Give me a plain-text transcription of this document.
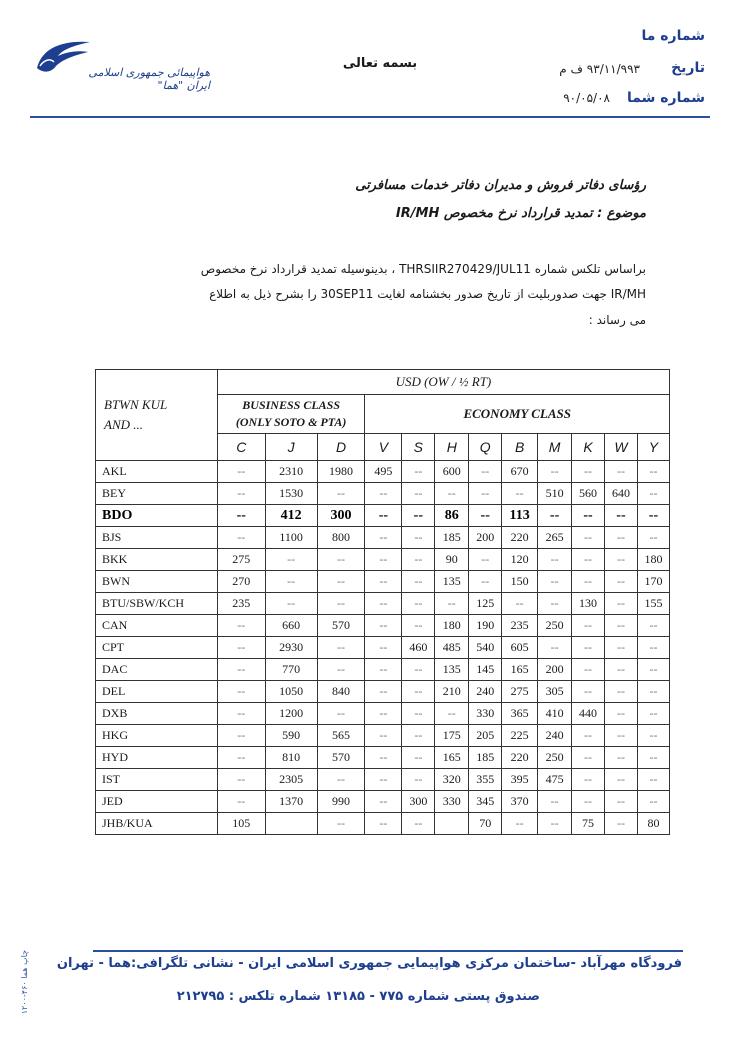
هواپیمائی جمهوری اسلامی ایران "هما"
بسمه تعالی
شماره ما
تاریخ
۹۳/۱۱/۹۹۳ ف م
شماره شما
۹۰/۰۵/۰۸
رؤسای دفاتر فروش و مدیران دفاتر خدمات مسافرتی
موضوع : تمدید قرارداد نرخ مخصوص IR/MH
براساس تلکس شماره THRSIIR270429/JUL11 ، بدینوسیله تمدید قرارداد نرخ مخصوص
IR/MH جهت صدوربلیت از تاریخ صدور بخشنامه لغایت 30SEP11 را بشرح ذیل به اطلاع
می رساند :
BTWN KUL
AND ...	USD (OW / ½ RT)											

	BUSINESS CLASS
(ONLY SOTO & PTA)			ECONOMY CLASS								
	C	J	D	V	S	H	Q	B	M	K	W	Y
AKL	--	2310	1980	495	--	600	--	670	--	--	--	--
BEY	--	1530	--	--	--	--	--	--	510	560	640	--
BDO	--	412	300	--	--	86	--	113	--	--	--	--
BJS	--	1100	800	--	--	185	200	220	265	--	--	--
BKK	275	--	--	--	--	90	--	120	--	--	--	180
BWN	270	--	--	--	--	135	--	150	--	--	--	170
BTU/SBW/KCH	235	--	--	--	--	--	125	--	--	130	--	155
CAN	--	660	570	--	--	180	190	235	250	--	--	--
CPT	--	2930	--	--	460	485	540	605	--	--	--	--
DAC	--	770	--	--	--	135	145	165	200	--	--	--
DEL	--	1050	840	--	--	210	240	275	305	--	--	--
DXB	--	1200	--	--	--	--	330	365	410	440	--	--
HKG	--	590	565	--	--	175	205	225	240	--	--	--
HYD	--	810	570	--	--	165	185	220	250	--	--	--
IST	--	2305	--	--	--	320	355	395	475	--	--	--
JED	--	1370	990	--	300	330	345	370	--	--	--	--
JHB/KUA	105		--	--	--		70	--	--	75	--	80
۱۲۰۰-۴۶۰ چاپ هما فرودگاه مهرآباد -ساختمان مرکزی هواپیمایی جمهوری اسلامی ایران - نشانی تلگرافی:هما - تهران
صندوق پستی شماره ۷۷۵ - ۱۳۱۸۵ شماره تلکس : ۲۱۲۷۹۵
